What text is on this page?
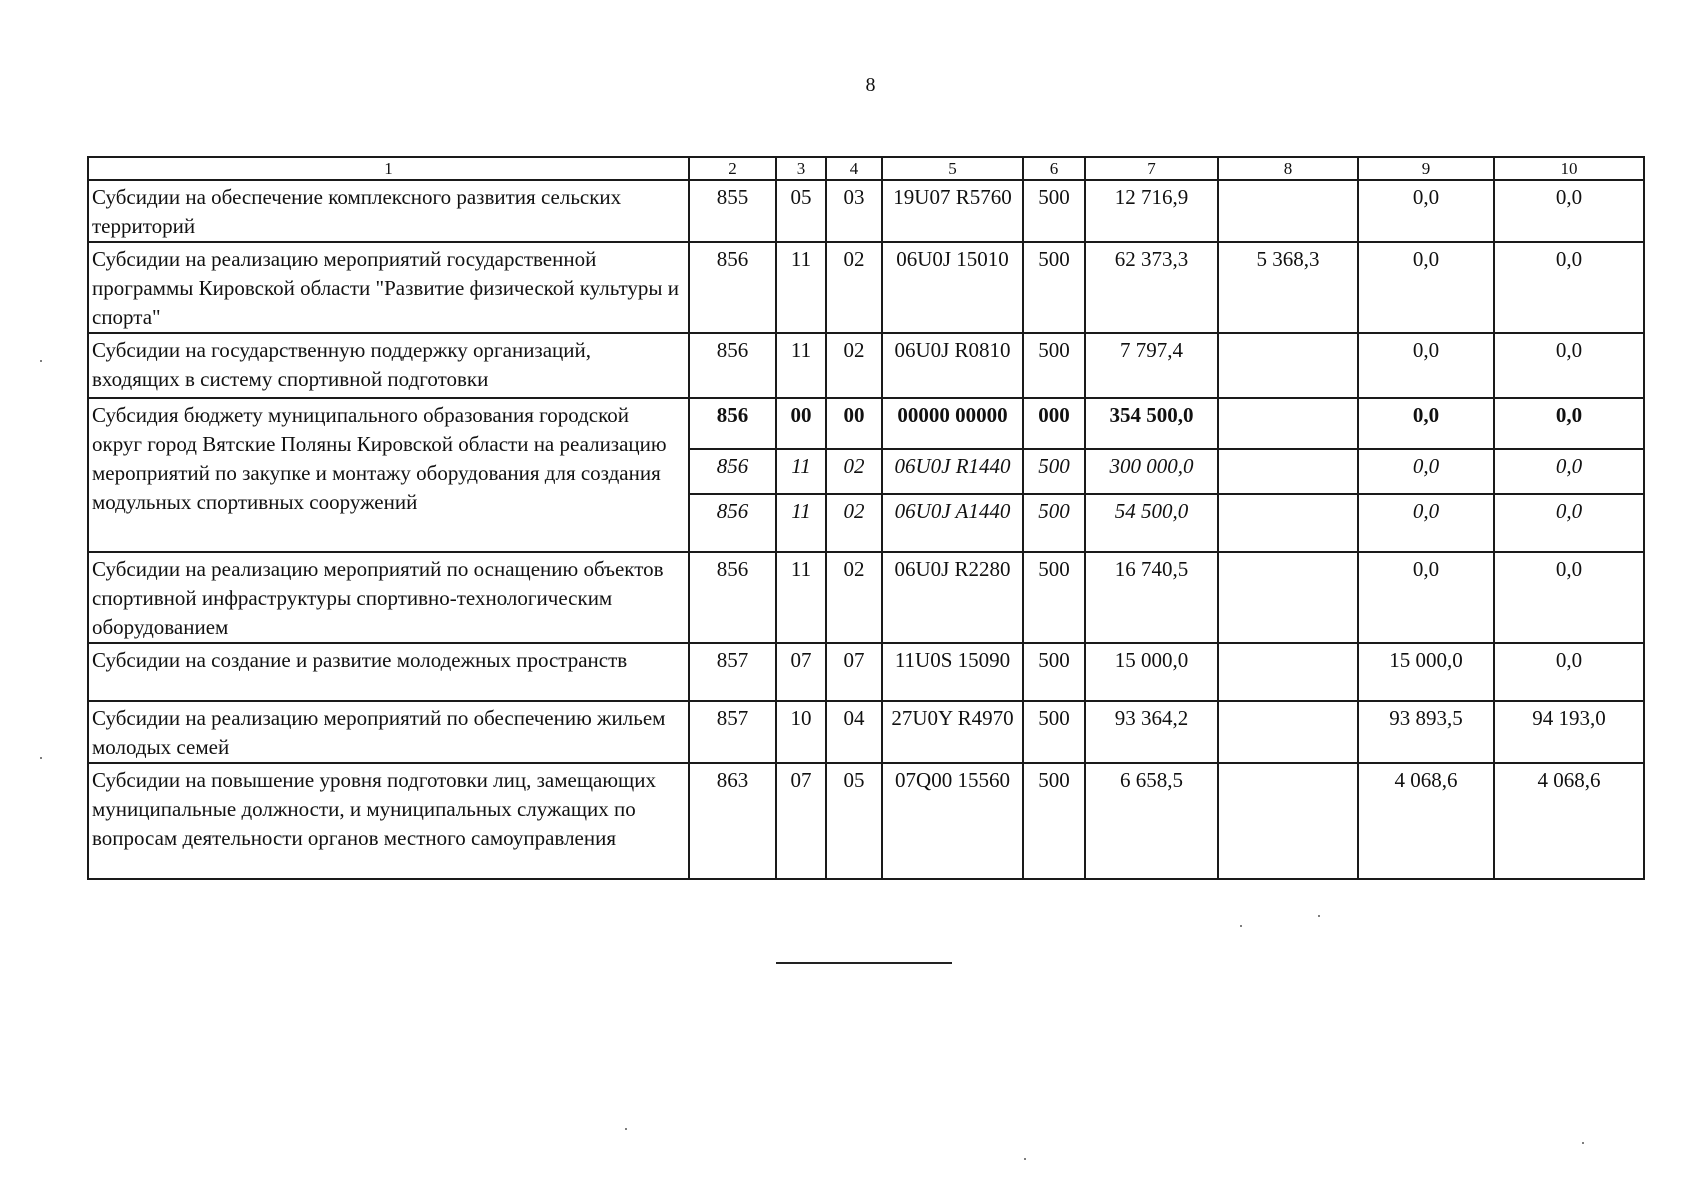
8
1	2	3	4	5	6	7	8	9	10
Субсидии на обеспечение комплексного развития сельских территорий	855	05	03	19U07 R5760	500	12 716,9		0,0	0,0
Субсидии на реализацию мероприятий государственной программы Кировской области "Развитие физической культуры и спорта"	856	11	02	06U0J 15010	500	62 373,3	5 368,3	0,0	0,0
Субсидии на государственную поддержку организаций, входящих в систему спортивной подготовки	856	11	02	06U0J R0810	500	7 797,4		0,0	0,0
Субсидия бюджету муниципального образования городской округ город Вятские Поляны Кировской области на реализацию мероприятий по закупке и монтажу оборудования для создания модульных спортивных сооружений	856	00	00	00000 00000	000	354 500,0		0,0	0,0
	856	11	02	06U0J R1440	500	300 000,0		0,0	0,0
	856	11	02	06U0J A1440	500	54 500,0		0,0	0,0
Субсидии на реализацию мероприятий по оснащению объектов спортивной инфраструктуры спортивно-технологическим оборудованием	856	11	02	06U0J R2280	500	16 740,5		0,0	0,0
Субсидии на создание и развитие молодежных пространств	857	07	07	11U0S 15090	500	15 000,0		15 000,0	0,0
Субсидии на реализацию мероприятий по обеспечению жильем молодых семей	857	10	04	27U0Y R4970	500	93 364,2		93 893,5	94 193,0
Субсидии на повышение уровня подготовки лиц, замещающих муниципальные должности, и муниципальных служащих по вопросам деятельности органов местного самоуправления	863	07	05	07Q00 15560	500	6 658,5		4 068,6	4 068,6
